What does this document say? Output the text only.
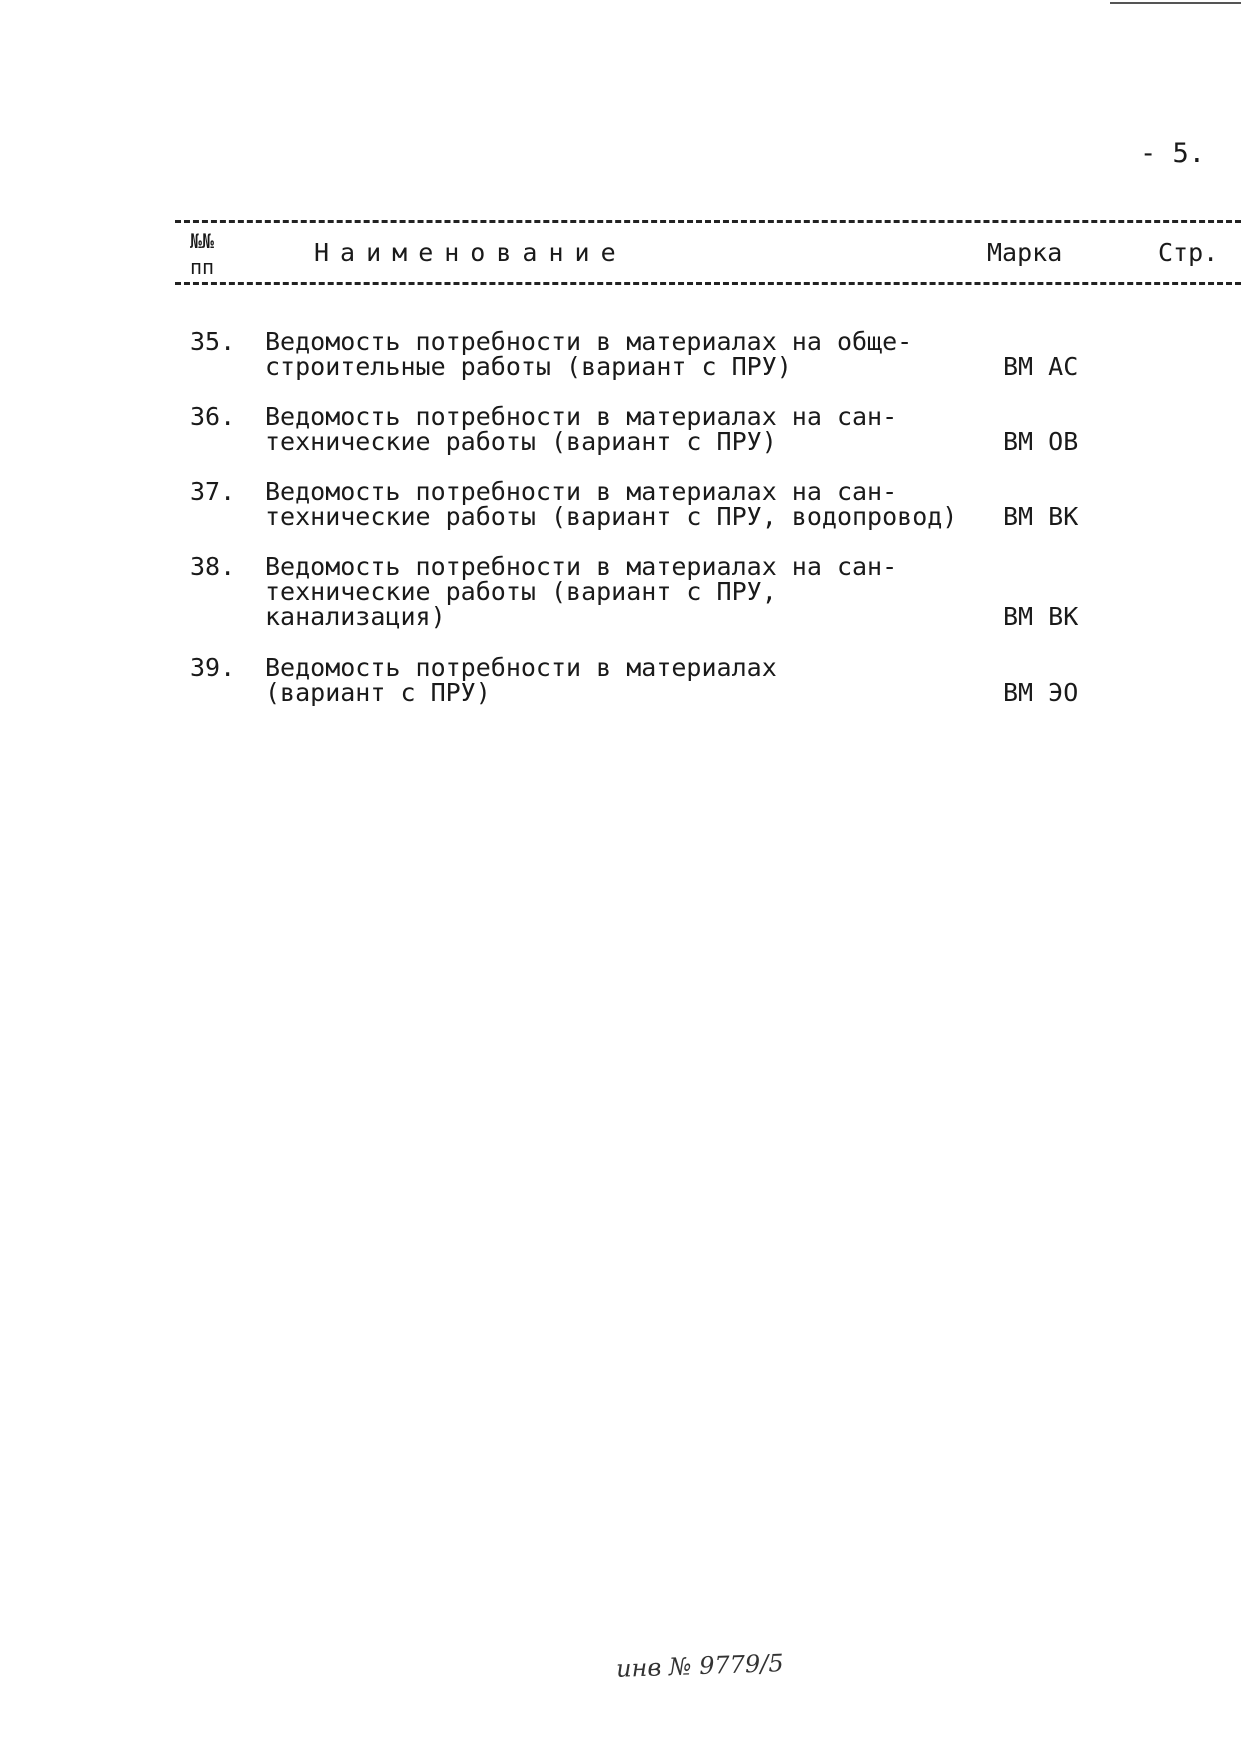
- 5.
№№
пп	Наименование	Марка	Стр.
35. Ведомость потребности в материалах на обще-
строительные работы (вариант с ПРУ)	ВМ АС
36. Ведомость потребности в материалах на сан-
технические работы (вариант с ПРУ)	ВМ ОВ
37. Ведомость потребности в материалах на сан-
технические работы (вариант с ПРУ, водопровод)	ВМ ВК
38. Ведомость потребности в материалах на сан-
технические работы (вариант с ПРУ,
канализация)	ВМ ВК
39. Ведомость потребности в материалах
(вариант с ПРУ)	ВМ ЭО
инв № 9779/5
